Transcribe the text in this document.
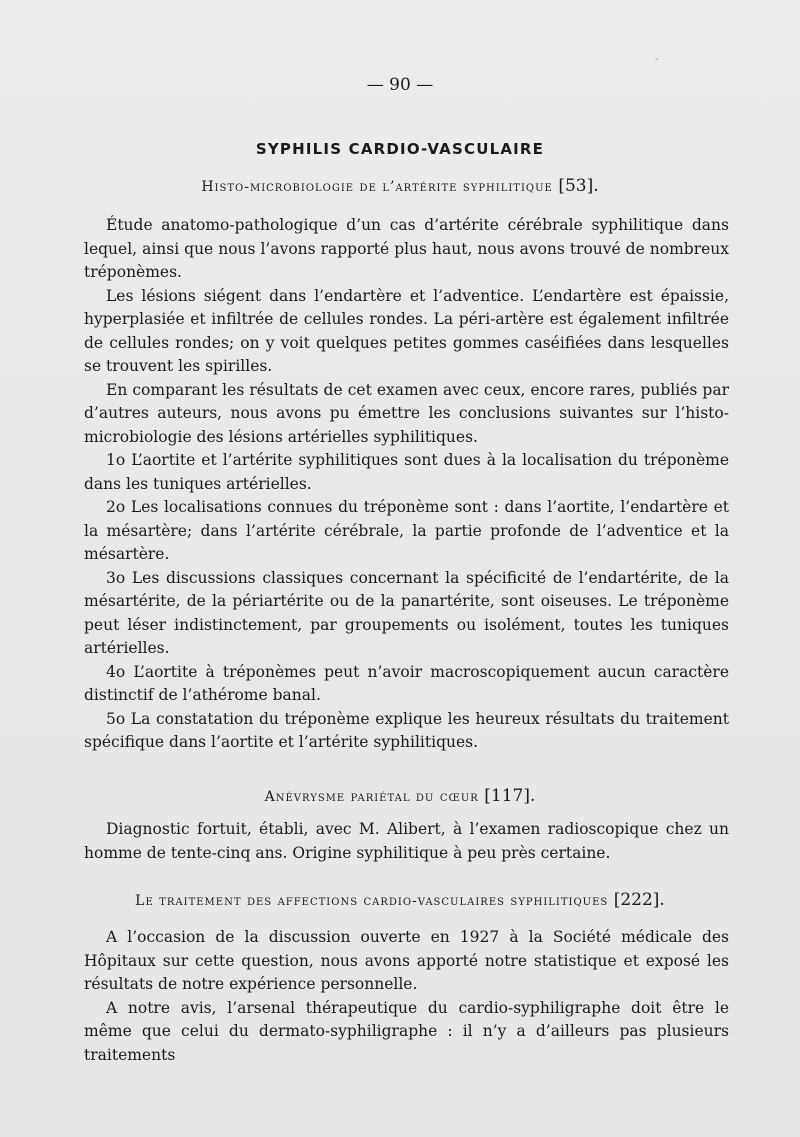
-
— 90 —
SYPHILIS CARDIO-VASCULAIRE
Histo-microbiologie de l’artérite syphilitique [53].

Étude anatomo-pathologique d’un cas d’artérite cérébrale syphilitique dans lequel, ainsi que nous l’avons rapporté plus haut, nous avons trouvé de nombreux tréponèmes.

Les lésions siégent dans l’endartère et l’adventice. L’endartère est épaissie, hyperplasiée et infiltrée de cellules rondes. La péri-artère est également infiltrée de cellules rondes; on y voit quelques petites gommes caséifiées dans lesquelles se trouvent les spirilles.

En comparant les résultats de cet examen avec ceux, encore rares, publiés par d’autres auteurs, nous avons pu émettre les conclusions suivantes sur l’histo-microbiologie des lésions artérielles syphilitiques.

1o L’aortite et l’artérite syphilitiques sont dues à la localisation du tréponème dans les tuniques artérielles.

2o Les localisations connues du tréponème sont : dans l’aortite, l’endartère et la mésartère; dans l’artérite cérébrale, la partie profonde de l’adventice et la mésartère.

3o Les discussions classiques concernant la spécificité de l’endartérite, de la mésartérite, de la périartérite ou de la panartérite, sont oiseuses. Le tréponème peut léser indistinctement, par groupements ou isolément, toutes les tuniques artérielles.

4o L’aortite à tréponèmes peut n’avoir macroscopiquement aucun caractère distinctif de l’athérome banal.

5o La constatation du tréponème explique les heureux résultats du traitement spécifique dans l’aortite et l’artérite syphilitiques.

Anévrysme pariétal du cœur [117].

Diagnostic fortuit, établi, avec M. Alibert, à l’examen radioscopique chez un homme de tente-cinq ans. Origine syphilitique à peu près certaine.

Le traitement des affections cardio-vasculaires syphilitiques [222].

A l’occasion de la discussion ouverte en 1927 à la Société médicale des Hôpitaux sur cette question, nous avons apporté notre statistique et exposé les résultats de notre expérience personnelle.

A notre avis, l’arsenal thérapeutique du cardio-syphiligraphe doit être le même que celui du dermato-syphiligraphe : il n’y a d’ailleurs pas plusieurs traitements
